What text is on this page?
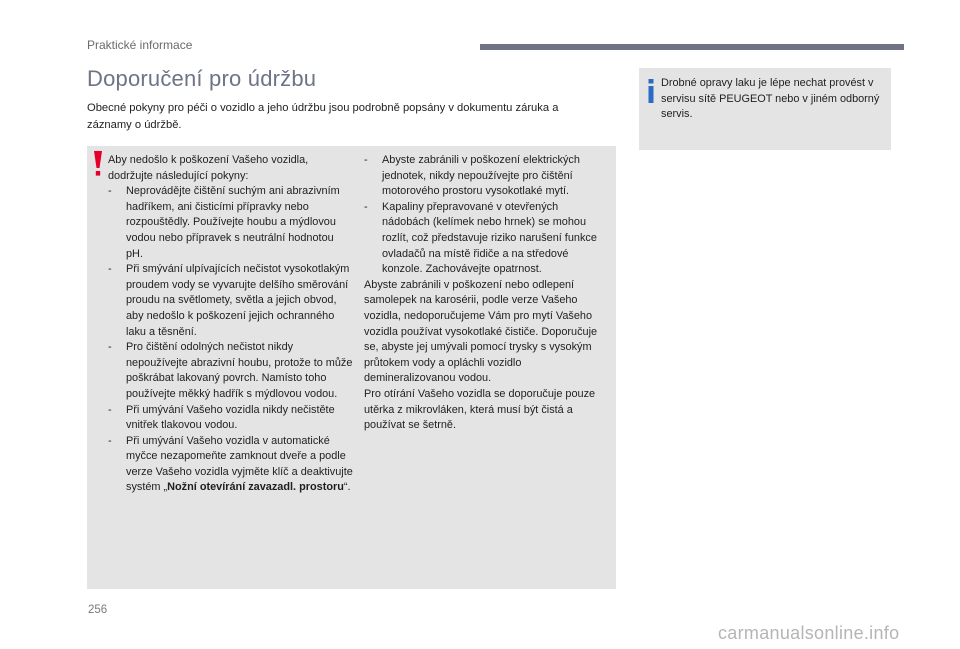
Praktické informace
Doporučení pro údržbu

Obecné pokyny pro péči o vozidlo a jeho údržbu jsou podrobně popsány v dokumentu záruka a záznamy o údržbě.

Aby nedošlo k poškození Vašeho vozidla, dodržujte následující pokyny:
-	Neprovádějte čištění suchým ani abrazivním hadříkem, ani čisticími přípravky nebo rozpouštědly. Používejte houbu a mýdlovou vodou nebo přípravek s neutrální hodnotou pH.
-	Při smývání ulpívajících nečistot vysokotlakým proudem vody se vyvarujte delšího směrování proudu na světlomety, světla a jejich obvod, aby nedošlo k poškození jejich ochranného laku a těsnění.
-	Pro čištění odolných nečistot nikdy nepoužívejte abrazivní houbu, protože to může poškrábat lakovaný povrch. Namísto toho používejte měkký hadřík s mýdlovou vodou.
-	Při umývání Vašeho vozidla nikdy nečistěte vnitřek tlakovou vodou.
-	Při umývání Vašeho vozidla v automatické myčce nezapomeňte zamknout dveře a podle verze Vašeho vozidla vyjměte klíč a deaktivujte systém „Nožní otevírání zavazadl. prostoru“.
-	Abyste zabránili v poškození elektrických jednotek, nikdy nepoužívejte pro čištění motorového prostoru vysokotlaké mytí.
-	Kapaliny přepravované v otevřených nádobách (kelímek nebo hrnek) se mohou rozlít, což představuje riziko narušení funkce ovladačů na místě řidiče a na středové konzole. Zachovávejte opatrnost.
Abyste zabránili v poškození nebo odlepení samolepek na karosérii, podle verze Vašeho vozidla, nedoporučujeme Vám pro mytí Vašeho vozidla používat vysokotlaké čističe. Doporučuje se, abyste jej umývali pomocí trysky s vysokým průtokem vody a opláchli vozidlo demineralizovanou vodou.
Pro otírání Vašeho vozidla se doporučuje pouze utěrka z mikrovláken, která musí být čistá a používat se šetrně.
Drobné opravy laku je lépe nechat provést v servisu sítě PEUGEOT nebo v jiném odborný servis.
256
carmanualsonline.info
